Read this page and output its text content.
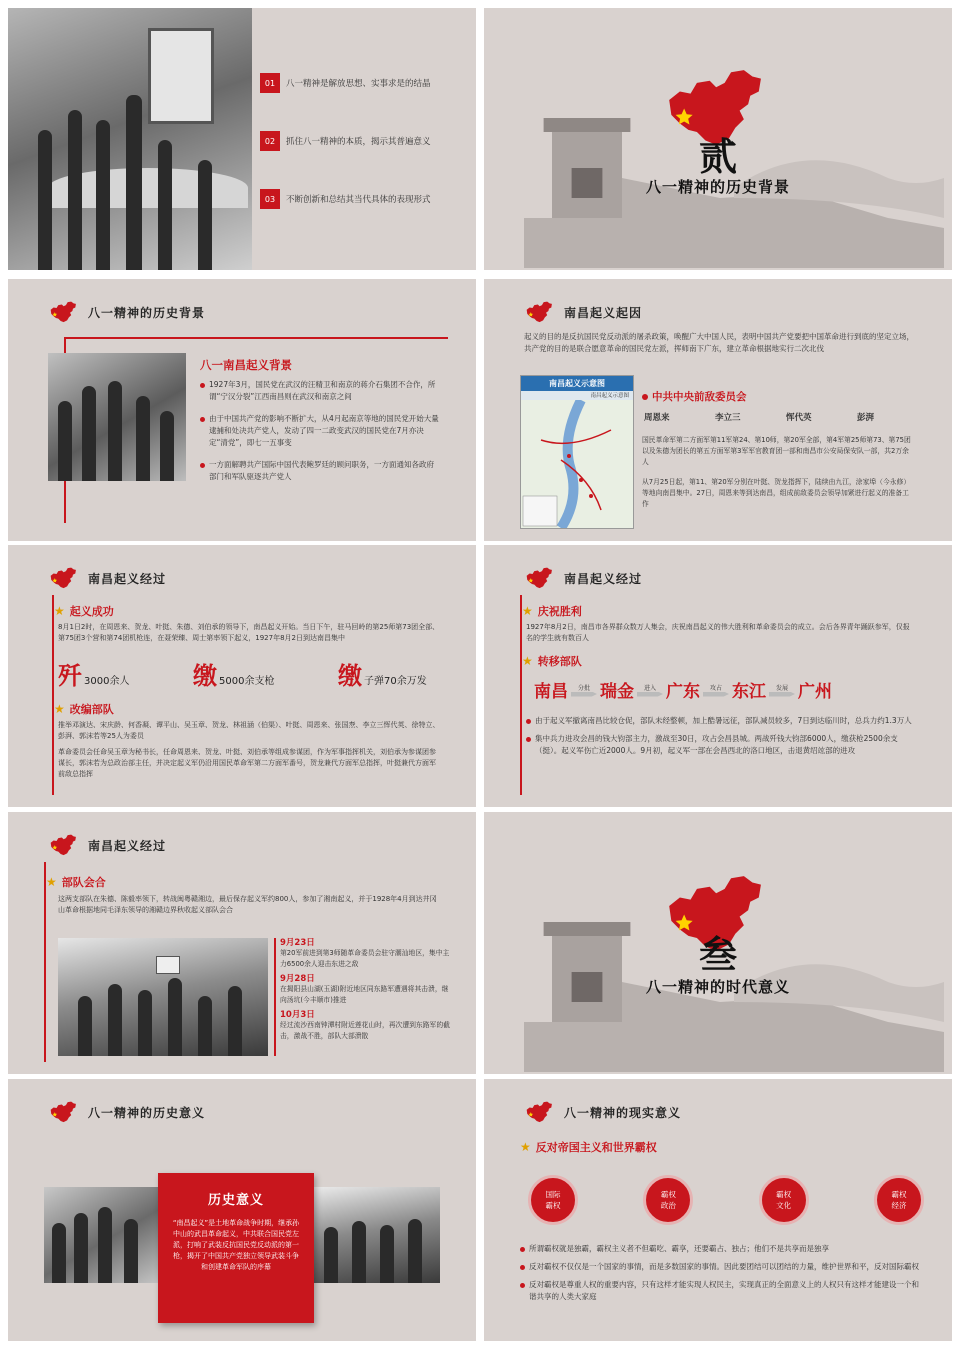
01	八一精神是解放思想、实事求是的结晶
02	抓住八一精神的本质，揭示其普遍意义
03	不断创新和总结其当代具体的表现形式
贰
八一精神的历史背景
八一精神的历史背景
八一南昌起义背景
1927年3月，国民党在武汉的汪精卫和南京的蒋介石集团不合作，所谓“宁汉分裂”江西南昌则在武汉和南京之间
由于中国共产党的影响不断扩大，从4月起南京等地的国民党开始大量逮捕和处决共产党人，发动了四一二政变武汉的国民党在7月亦决定“清党”，即七一五事变
一方面解聘共产国际中国代表鲍罗廷的顾问职务，一方面通知各政府部门和军队驱逐共产党人
南昌起义起因
起义的目的是反抗国民党反动派的屠杀政策，唤醒广大中国人民，表明中国共产党要把中国革命进行到底的坚定立场，共产党的目的是联合愿意革命的国民党左派，挥师南下广东，建立革命根据地实行二次北伐
南昌起义示意图
南昌起义示意图	中共中央前敌委员会
周恩来	李立三	恽代英	彭湃
国民革命军第二方面军第11军第24、第10师，第20军全部，第4军第25师第73、第75团以及朱德为团长的第五方面军第3军军官教育团一部和南昌市公安局保安队一部，共2万余人
从7月25日起，第11、第20军分别在叶挺、贺龙指挥下，陆续由九江，涂家埠（今永修）等地向南昌集中。27日，周恩来等到达南昌，组成前敌委员会领导加紧进行起义的准备工作
南昌起义经过
★ 起义成功
8月1日2时，在周恩来、贺龙、叶挺、朱德、刘伯承的领导下，南昌起义开始。当日下午，驻马回岭的第25师第73团全部、第75团3个营和第74团机枪连，在聂荣臻、周士第率领下起义，1927年8月2日到达南昌集中
歼 3000余人	缴 5000余支枪	缴 子弹70余万发
★ 改编部队
推举邓演达、宋庆龄、何香凝、谭平山、吴玉章、贺龙、林祖涵（伯渠）、叶挺、周恩来、张国焘、李立三恽代英、徐特立、彭湃、郭沫若等25人为委员
革命委员会任命吴玉章为秘书长，任命周恩来、贺龙、叶挺、刘伯承等组成参谋团，作为军事指挥机关，刘伯承为参谋团参谋长，郭沫若为总政治部主任，并决定起义军仍沿用国民革命军第二方面军番号，贺龙兼代方面军总指挥，叶挺兼代方面军前敌总指挥
南昌起义经过
★ 庆祝胜利
1927年8月2日，南昌市各界群众数万人集会，庆祝南昌起义的伟大胜利和革命委员会的成立。会后各界青年踊跃参军，仅报名的学生就有数百人
★ 转移部队
南昌 分批 瑞金 进入 广东 攻占 东江 发展 广州
由于起义军撤离南昌比较仓促，部队未经整顿，加上酷暑远征，部队减员较多，7日到达临川时，总兵力约1.3万人
集中兵力进攻会昌的钱大钧部主力，激战至30日，攻占会昌县城。两战歼钱大钧部6000人，缴获枪2500余支（挺）。起义军伤亡近2000人。9月初，起义军一部在会昌西北的洛口地区，击退黄绍竑部的进攻
南昌起义经过
★ 部队会合
这两支部队在朱德、陈毅率领下，转战闽粤赣湘边，最后保存起义军约800人，参加了湘南起义，并于1928年4月到达井冈山革命根据地同毛泽东领导的湘赣边界秋收起义部队会合
9月23日
第20军前进到第3师随革命委员会驻守潮汕地区，集中主力6500余人迎击东进之敌
9月28日
在揭阳县山湖(玉湖)附近地区同东路军遭遇将其击溃，继向汤坑(今丰顺市)推进
10月3日
经过流沙西南钟潭村附近莲花山时，再次遭到东路军的截击，激战不胜，部队大部溃散
叁
八一精神的时代意义
八一精神的历史意义
历史意义
“南昌起义”是土地革命战争时期，继承孙中山的武昌革命起义，中共联合国民党左派，打响了武装反抗国民党反动派的第一枪，揭开了中国共产党独立领导武装斗争和创建革命军队的序幕
八一精神的现实意义
★ 反对帝国主义和世界霸权
国际霸权
霸权政治
霸权文化
霸权经济
所谓霸权就是独霸，霸权主义者不但霸吃、霸享，还要霸占、独占；他们不是共享而是独享
反对霸权不仅仅是一个国家的事情，而是多数国家的事情。因此要团结可以团结的力量，维护世界和平，反对国际霸权
反对霸权是尊重人权的重要内容，只有这样才能实现人权民主，实现真正的全面意义上的人权只有这样才能建设一个和谐共享的人类大家庭
